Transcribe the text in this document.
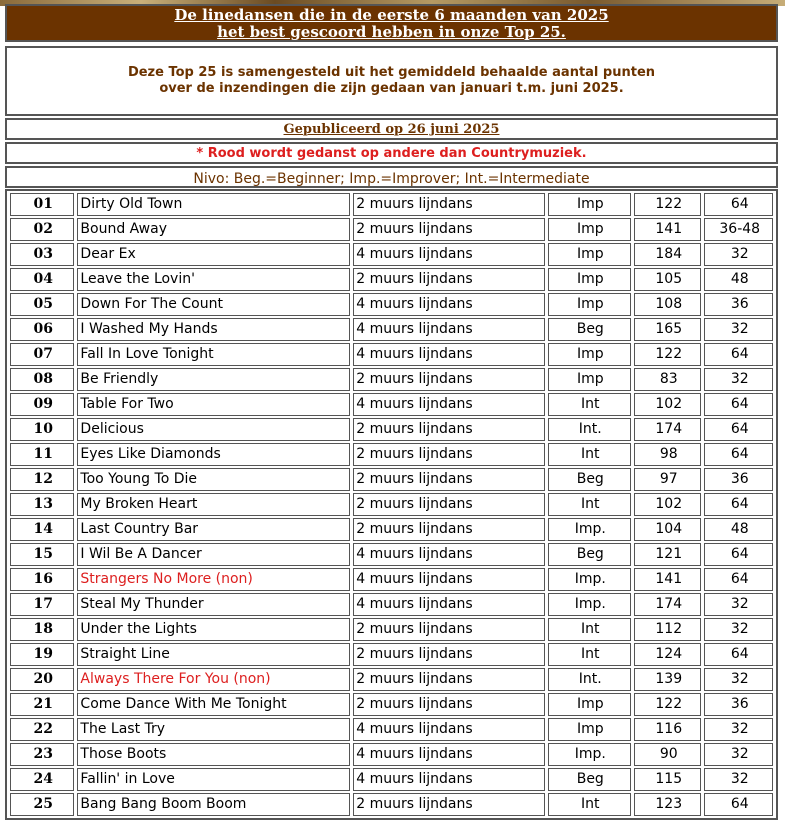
De linedansen die in de eerste 6 maanden van 2025
het best gescoord hebben in onze Top 25.
Deze Top 25 is samengesteld uit het gemiddeld behaalde aantal punten
over de inzendingen die zijn gedaan van januari t.m. juni 2025.
Gepubliceerd op 26 juni 2025
* Rood wordt gedanst op andere dan Countrymuziek.
Nivo: Beg.=Beginner; Imp.=Improver; Int.=Intermediate
01	Dirty Old Town	2 muurs lijndans	Imp	122	64
02	Bound Away	2 muurs lijndans	Imp	141	36-48
03	Dear Ex	4 muurs lijndans	Imp	184	32
04	Leave the Lovin'	2 muurs lijndans	Imp	105	48
05	Down For The Count	4 muurs lijndans	Imp	108	36
06	I Washed My Hands	4 muurs lijndans	Beg	165	32
07	Fall In Love Tonight	4 muurs lijndans	Imp	122	64
08	Be Friendly	2 muurs lijndans	Imp	83	32
09	Table For Two	4 muurs lijndans	Int	102	64
10	Delicious	2 muurs lijndans	Int.	174	64
11	Eyes Like Diamonds	2 muurs lijndans	Int	98	64
12	Too Young To Die	2 muurs lijndans	Beg	97	36
13	My Broken Heart	2 muurs lijndans	Int	102	64
14	Last Country Bar	2 muurs lijndans	Imp.	104	48
15	I Wil Be A Dancer	4 muurs lijndans	Beg	121	64
16	Strangers No More (non)	4 muurs lijndans	Imp.	141	64
17	Steal My Thunder	4 muurs lijndans	Imp.	174	32
18	Under the Lights	2 muurs lijndans	Int	112	32
19	Straight Line	2 muurs lijndans	Int	124	64
20	Always There For You (non)	2 muurs lijndans	Int.	139	32
21	Come Dance With Me Tonight	2 muurs lijndans	Imp	122	36
22	The Last Try	4 muurs lijndans	Imp	116	32
23	Those Boots	4 muurs lijndans	Imp.	90	32
24	Fallin' in Love	4 muurs lijndans	Beg	115	32
25	Bang Bang Boom Boom	2 muurs lijndans	Int	123	64
